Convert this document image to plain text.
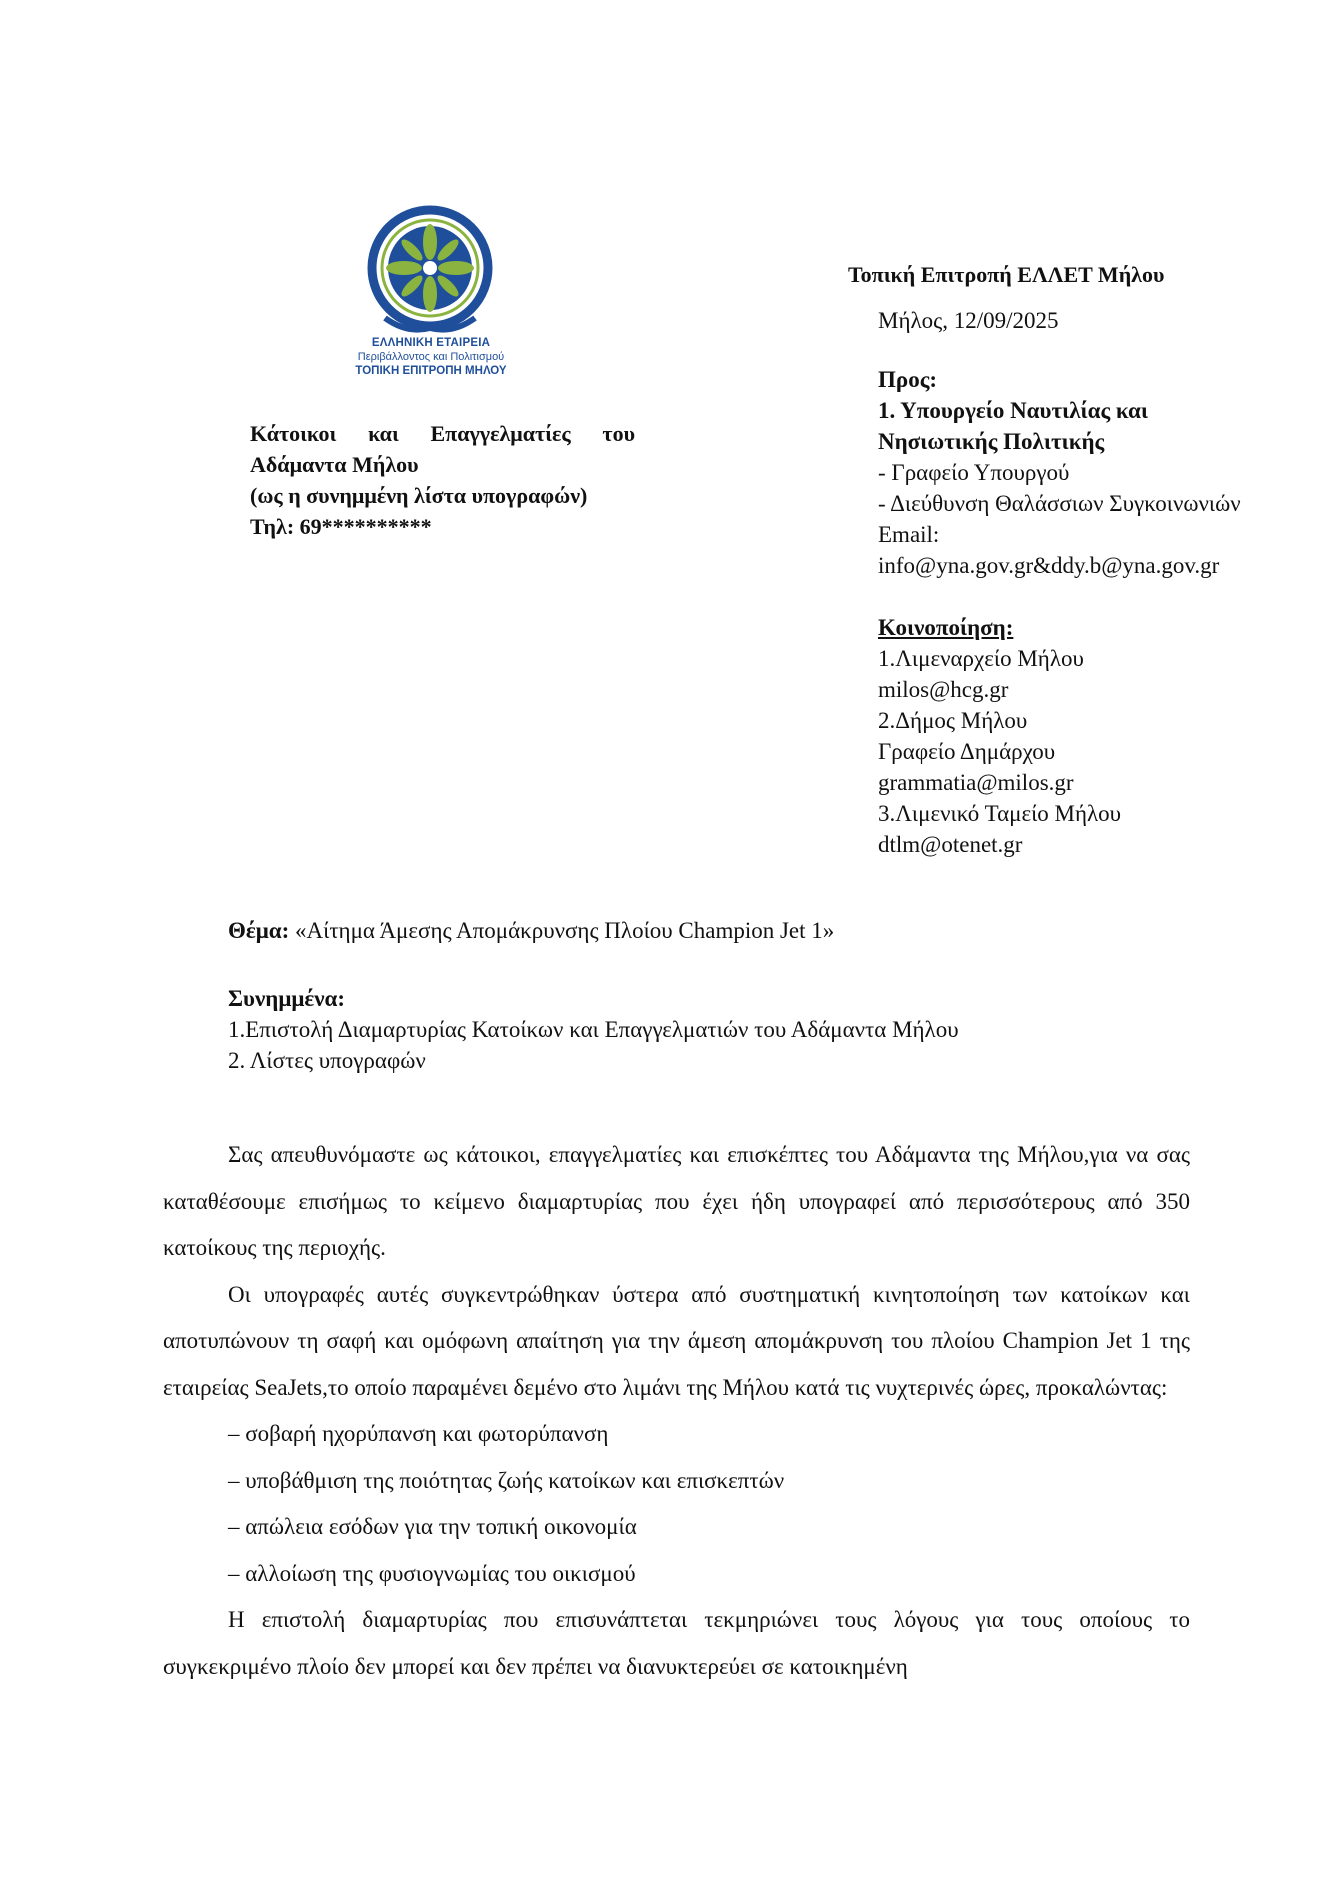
ΕΛΛΗΝΙΚΗ ΕΤΑΙΡΕΙΑ
Περιβάλλοντος και Πολιτισμού
ΤΟΠΙΚΗ ΕΠΙΤΡΟΠΗ ΜΗΛΟΥ
Τοπική Επιτροπή ΕΛΛΕΤ Μήλου
Μήλος, 12/09/2025
Κάτοικοι και Επαγγελματίες του
Αδάμαντα Μήλου
(ως η συνημμένη λίστα υπογραφών)
Τηλ: 69**********
Προς:
1. Υπουργείο Ναυτιλίας και
Νησιωτικής Πολιτικής
- Γραφείο Υπουργού
- Διεύθυνση Θαλάσσιων Συγκοινωνιών
Email:
info@yna.gov.gr&ddy.b@yna.gov.gr
Κοινοποίηση:
1.Λιμεναρχείο Μήλου
milos@hcg.gr
2.Δήμος Μήλου
Γραφείο Δημάρχου
grammatia@milos.gr
3.Λιμενικό Ταμείο Μήλου
dtlm@otenet.gr
Θέμα: «Αίτημα Άμεσης Απομάκρυνσης Πλοίου Champion Jet 1»
Συνημμένα:
1.Επιστολή Διαμαρτυρίας Κατοίκων και Επαγγελματιών του Αδάμαντα Μήλου
2. Λίστες υπογραφών
Σας απευθυνόμαστε ως κάτοικοι, επαγγελματίες και επισκέπτες του Αδάμαντα της Μήλου,για να σας καταθέσουμε επισήμως το κείμενο διαμαρτυρίας που έχει ήδη υπογραφεί από περισσότερους από 350 κατοίκους της περιοχής.
Οι υπογραφές αυτές συγκεντρώθηκαν ύστερα από συστηματική κινητοποίηση των κατοίκων και αποτυπώνουν τη σαφή και ομόφωνη απαίτηση για την άμεση απομάκρυνση του πλοίου Champion Jet 1 της εταιρείας SeaJets,το οποίο παραμένει δεμένο στο λιμάνι της Μήλου κατά τις νυχτερινές ώρες, προκαλώντας:
– σοβαρή ηχορύπανση και φωτορύπανση
– υποβάθμιση της ποιότητας ζωής κατοίκων και επισκεπτών
– απώλεια εσόδων για την τοπική οικονομία
– αλλοίωση της φυσιογνωμίας του οικισμού
Η επιστολή διαμαρτυρίας που επισυνάπτεται τεκμηριώνει τους λόγους για τους οποίους το συγκεκριμένο πλοίο δεν μπορεί και δεν πρέπει να διανυκτερεύει σε κατοικημένη
